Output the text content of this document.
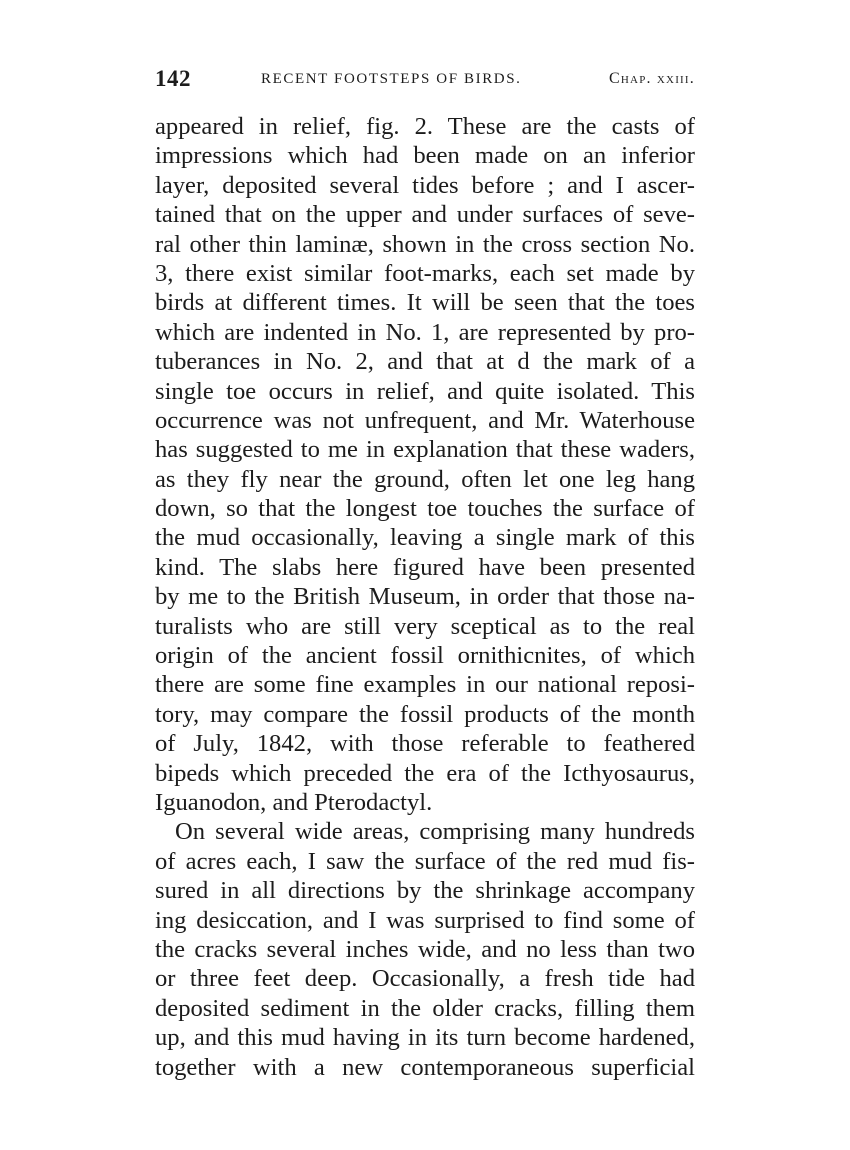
142	RECENT FOOTSTEPS OF BIRDS.	Chap. xxiii.
appeared in relief, fig. 2. These are the casts of
impressions which had been made on an inferior
layer, deposited several tides before ; and I ascer-
tained that on the upper and under surfaces of seve-
ral other thin laminæ, shown in the cross section No.
3, there exist similar foot-marks, each set made by
birds at different times. It will be seen that the toes
which are indented in No. 1, are represented by pro-
tuberances in No. 2, and that at d the mark of a
single toe occurs in relief, and quite isolated. This
occurrence was not unfrequent, and Mr. Waterhouse
has suggested to me in explanation that these waders,
as they fly near the ground, often let one leg hang
down, so that the longest toe touches the surface of
the mud occasionally, leaving a single mark of this
kind. The slabs here figured have been presented
by me to the British Museum, in order that those na-
turalists who are still very sceptical as to the real
origin of the ancient fossil ornithicnites, of which
there are some fine examples in our national reposi-
tory, may compare the fossil products of the month
of July, 1842, with those referable to feathered
bipeds which preceded the era of the Icthyosaurus,
Iguanodon, and Pterodactyl.
On several wide areas, comprising many hundreds
of acres each, I saw the surface of the red mud fis-
sured in all directions by the shrinkage accompany
ing desiccation, and I was surprised to find some of
the cracks several inches wide, and no less than two
or three feet deep. Occasionally, a fresh tide had
deposited sediment in the older cracks, filling them
up, and this mud having in its turn become hardened,
together with a new contemporaneous superficial
